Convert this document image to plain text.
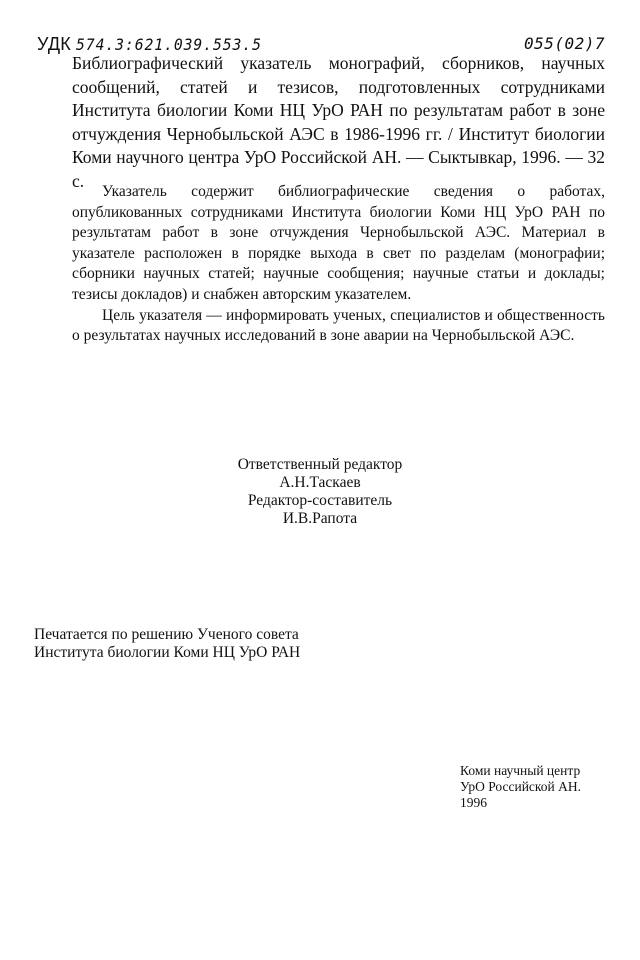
УДК 574.3:621.039.553.5	055(02)7

Библиографический указатель монографий, сборников, научных сообщений, статей и тезисов, подготовленных сотрудниками Института биологии Коми НЦ УрО РАН по результатам работ в зоне отчуждения Чернобыльской АЭС в 1986-1996 гг. / Институт биологии Коми научного центра УрО Российской АН. — Сыктывкар, 1996. — 32 с.

Указатель содержит библиографические сведения о работах, опубликованных сотрудниками Института биологии Коми НЦ УрО РАН по результатам работ в зоне отчуждения Чернобыльской АЭС. Материал в указателе расположен в порядке выхода в свет по разделам (монографии; сборники научных статей; научные сообщения; научные статьи и доклады; тезисы докладов) и снабжен авторским указателем.

Цель указателя — информировать ученых, специалистов и общественность о результатах научных исследований в зоне аварии на Чернобыльской АЭС.

Ответственный редактор
А.Н.Таскаев
Редактор-составитель
И.В.Рапота
Печатается по решению Ученого совета
Института биологии Коми НЦ УрО РАН
Коми научный центр
УрО Российской АН.
1996
